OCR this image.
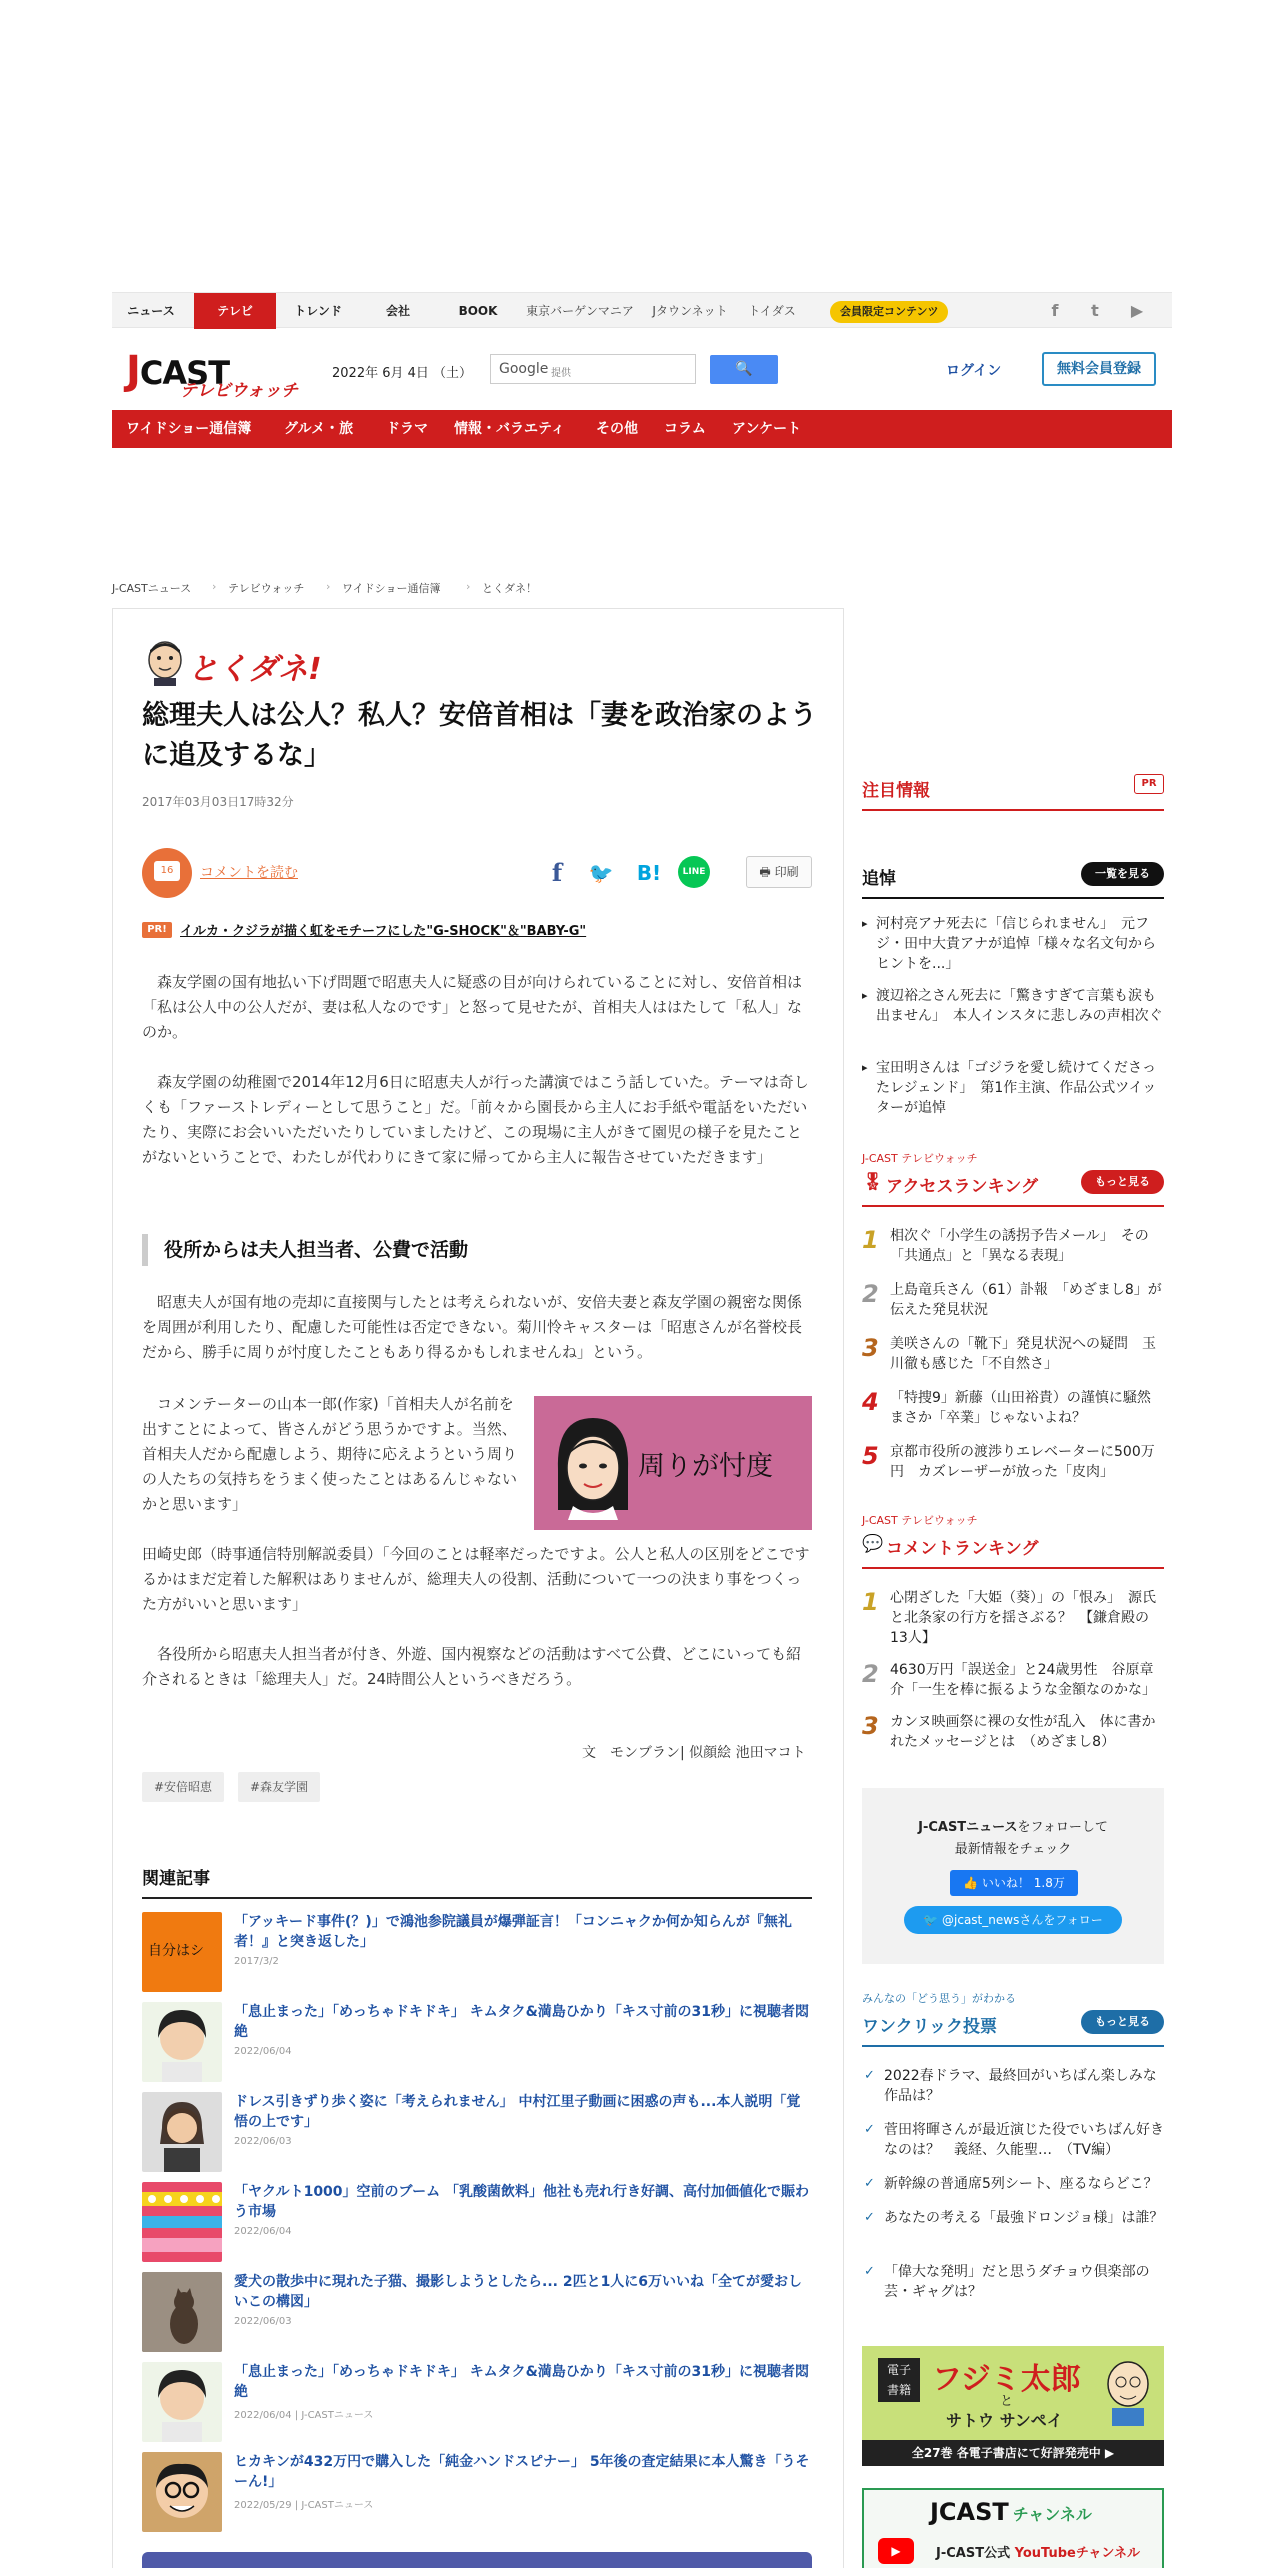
ニュース	テレビ	トレンド	会社	BOOK	東京バーゲンマニア	Jタウンネット	トイダス	会員限定コンテンツ	f	t	▶
JCAST
テレビウォッチ
2022年 6月 4日 （土） Google 提供	🔍	ログイン	無料会員登録
ワイドショー通信簿 グルメ・旅 ドラマ 情報・バラエティ その他 コラム アンケート
J-CASTニュース › テレビウォッチ › ワイドショー通信簿 › とくダネ！
とくダネ!
総理夫人は公人？私人？安倍首相は「妻を政治家のように追及するな」
2017年03月03日17時32分
16	コメントを読む	f	🐦 B!	LINE	🖶 印刷
PR!	イルカ・クジラが描く虹をモチーフにした"G-SHOCK"＆"BABY-G"

森友学園の国有地払い下げ問題で昭恵夫人に疑惑の目が向けられていることに対し、安倍首相は「私は公人中の公人だが、妻は私人なのです」と怒って見せたが、首相夫人ははたして「私人」なのか。

森友学園の幼稚園で2014年12月6日に昭恵夫人が行った講演ではこう話していた。テーマは奇しくも「ファーストレディーとして思うこと」だ。「前々から園長から主人にお手紙や電話をいただいたり、実際にお会いいただいたりしていましたけど、この現場に主人がきて園児の様子を見たことがないということで、わたしが代わりにきて家に帰ってから主人に報告させていただきます」

役所からは夫人担当者、公費で活動

昭恵夫人が国有地の売却に直接関与したとは考えられないが、安倍夫妻と森友学園の親密な関係を周囲が利用したり、配慮した可能性は否定できない。菊川怜キャスターは「昭恵さんが名誉校長だから、勝手に周りが忖度したこともあり得るかもしれませんね」という。

コメンテーターの山本一郎(作家)「首相夫人が名前を出すことによって、皆さんがどう思うかですよ。当然、首相夫人だから配慮しよう、期待に応えようという周りの人たちの気持ちをうまく使ったことはあるんじゃないかと思います」

周りが忖度

田崎史郎（時事通信特別解説委員）「今回のことは軽率だったですよ。公人と私人の区別をどこでするかはまだ定着した解釈はありませんが、総理夫人の役割、活動について一つの決まり事をつくった方がいいと思います」

各役所から昭恵夫人担当者が付き、外遊、国内視察などの活動はすべて公費、どこにいっても紹介されるときは「総理夫人」だ。24時間公人というべきだろう。

文　モンブラン| 似顔絵 池田マコト
#安倍昭恵	#森友学園
関連記事
自分はシ
「アッキード事件(？)」で鴻池参院議員が爆弾証言！「コンニャクか何か知らんが『無礼者！』と突き返した」
2017/3/2
「息止まった」「めっちゃドキドキ」 キムタク&満島ひかり「キス寸前の31秒」に視聴者悶絶
2022/06/04
ドレス引きずり歩く姿に「考えられません」 中村江里子動画に困惑の声も...本人説明「覚悟の上です」
2022/06/03
「ヤクルト1000」空前のブーム 「乳酸菌飲料」他社も売れ行き好調、高付加価値化で賑わう市場
2022/06/04
愛犬の散歩中に現れた子猫、撮影しようとしたら... 2匹と1人に6万いいね「全てが愛おしいこの構図」
2022/06/03
「息止まった」「めっちゃドキドキ」 キムタク&満島ひかり「キス寸前の31秒」に視聴者悶絶
2022/06/04 | J-CASTニュース
ヒカキンが432万円で購入した「純金ハンドスピナー」 5年後の査定結果に本人驚き「うそーん!」
2022/05/29 | J-CASTニュース
注目情報	PR
追悼	一覧を見る
▸ 河村亮アナ死去に「信じられません」　元フジ・田中大貴アナが追悼「様々な名文句からヒントを...」
▸ 渡辺裕之さん死去に「驚きすぎて言葉も涙も出ません」　本人インスタに悲しみの声相次ぐ
▸ 宝田明さんは「ゴジラを愛し続けてくださったレジェンド」　第1作主演、作品公式ツイッターが追悼
J-CAST テレビウォッチ
🎖 アクセスランキング	もっと見る
1 相次ぐ「小学生の誘拐予告メール」　その「共通点」と「異なる表現」
2 上島竜兵さん（61）訃報　「めざまし8」が伝えた発見状況
3 美咲さんの「靴下」発見状況への疑問　玉川徹も感じた「不自然さ」
4 「特捜9」新藤（山田裕貴）の謹慎に騒然　まさか「卒業」じゃないよね？
5 京都市役所の渡渉りエレベーターに500万円　カズレーザーが放った「皮肉」
J-CAST テレビウォッチ
💬 コメントランキング
1 心閉ざした「大姫（葵）」の「恨み」　源氏と北条家の行方を揺さぶる？　【鎌倉殿の13人】
2 4630万円「誤送金」と24歳男性　谷原章介「一生を棒に振るような金額なのかな」
3 カンヌ映画祭に裸の女性が乱入　体に書かれたメッセージとは　（めざまし8）
J-CASTニュースをフォローして
最新情報をチェック
👍 いいね！ 1.8万
🐦 @jcast_newsさんをフォロー
みんなの「どう思う」がわかる
ワンクリック投票	もっと見る
✓ 2022春ドラマ、最終回がいちばん楽しみな作品は？
✓ 菅田将暉さんが最近演じた役でいちばん好きなのは？　義経、久能聖…　（TV編）
✓ 新幹線の普通席5列シート、座るならどこ？
✓ あなたの考える「最強ドロンジョ様」は誰？
✓ 「偉大な発明」だと思うダチョウ倶楽部の芸・ギャグは？
電子
書籍 フジミ太郎
と
サトウ サンペイ
全27巻 各電子書店にて好評発売中 ▶
JCAST チャンネル
▶	J-CAST公式 YouTubeチャンネル
